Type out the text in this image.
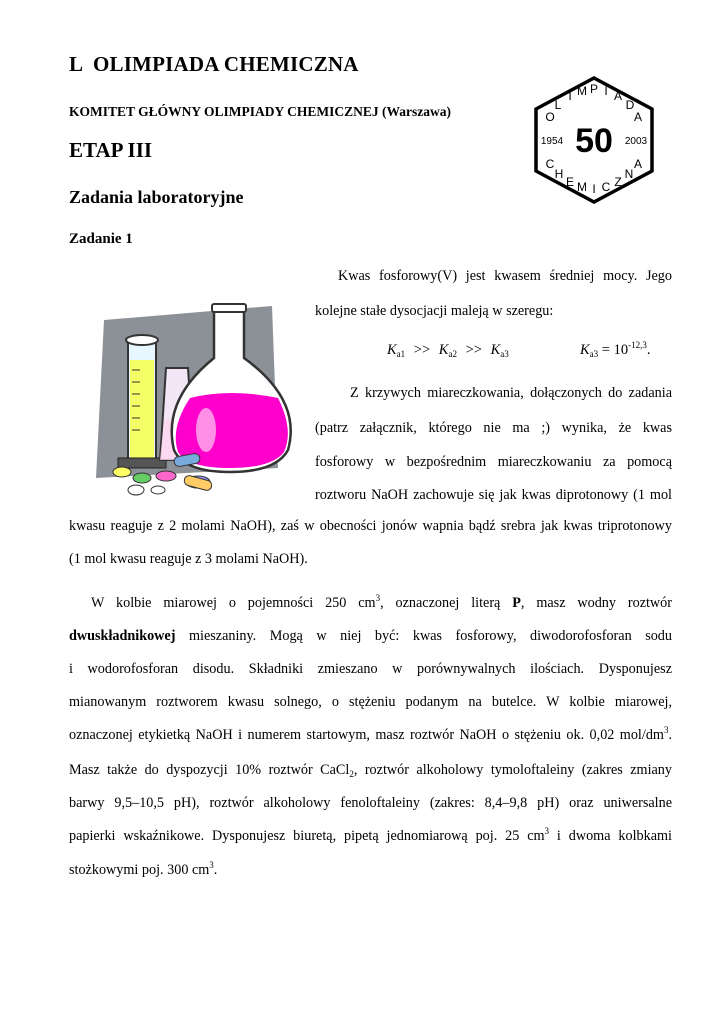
L  OLIMPIADA CHEMICZNA
KOMITET GŁÓWNY OLIMPIADY CHEMICZNEJ (Warszawa)
ETAP III
Zadania laboratoryjne
Zadanie 1
O
L
I M P I A
D
A
C
H
E M I C Z
N
A
1954	2003
50
Kwas fosforowy(V) jest kwasem średniej mocy. Jego
kolejne stałe dysocjacji maleją w szeregu:
$K_{a1} >> K_{a2} >> K_{a3}$	$K_{a3} = 10^{-12,3}$.
Z krzywych miareczkowania, dołączonych do zadania
(patrz załącznik, którego nie ma ;) wynika, że kwas
fosforowy w bezpośrednim miareczkowaniu za pomocą
roztworu NaOH zachowuje się jak kwas diprotonowy (1 mol
kwasu reaguje z 2 molami NaOH), zaś w obecności jonów wapnia bądź srebra jak kwas triprotonowy
(1 mol kwasu reaguje z 3 molami NaOH).
W kolbie miarowej o pojemności 250 $cm^3$, oznaczonej literą P, masz wodny roztwór
dwuskładnikowej mieszaniny. Mogą w niej być: kwas fosforowy, diwodorofosforan sodu
i wodorofosforan disodu. Składniki zmieszano w porównywalnych ilościach. Dysponujesz
mianowanym roztworem kwasu solnego, o stężeniu podanym na butelce. W kolbie miarowej,
oznaczonej etykietką NaOH i numerem startowym, masz roztwór NaOH o stężeniu ok. 0,02 mol/$dm^3$.
Masz także do dyspozycji 10% roztwór CaCl$_2$, roztwór alkoholowy tymoloftaleiny (zakres zmiany
barwy 9,5–10,5 pH), roztwór alkoholowy fenoloftaleiny (zakres: 8,4–9,8 pH) oraz uniwersalne
papierki wskaźnikowe. Dysponujesz biuretą, pipetą jednomiarową poj. 25 $cm^3$ i dwoma kolbkami
stożkowymi poj. 300 $cm^3$.
